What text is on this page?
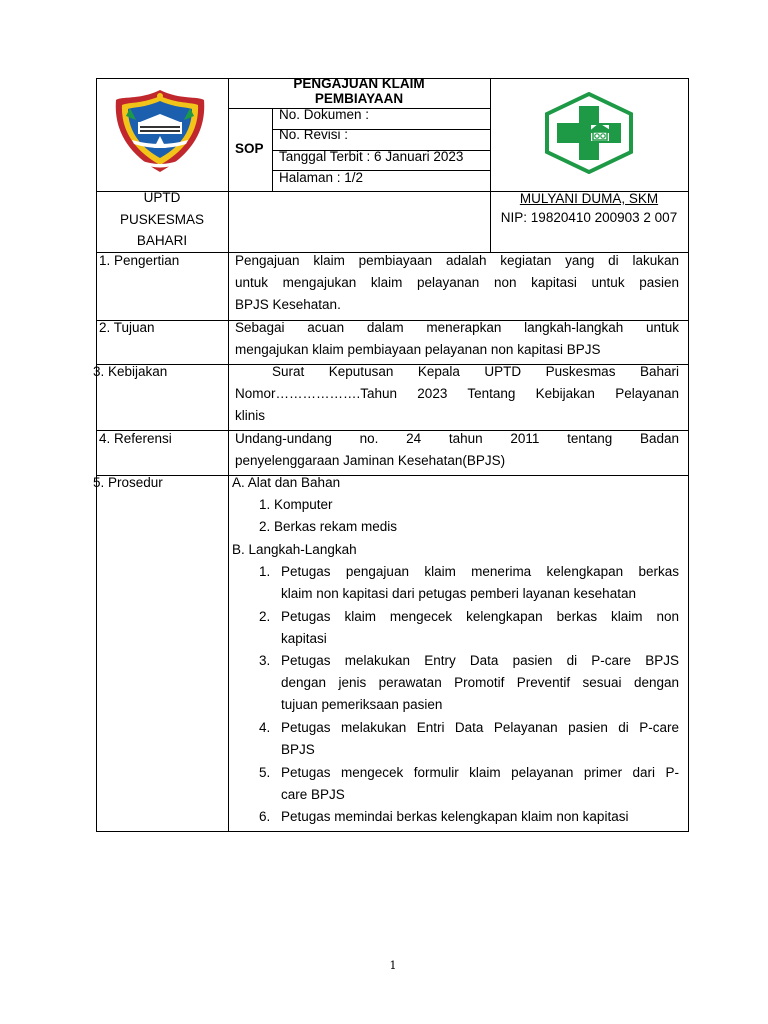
PENGAJUAN KLAIM
PEMBIAYAAN
SOP
No. Dokumen :
No. Revisi :
Tanggal Terbit : 6 Januari 2023
Halaman : 1/2
UPTD
PUSKESMAS
BAHARI
MULYANI DUMA, SKM
NIP: 19820410 200903 2 007
1. Pengertian	Pengajuan klaim pembiayaan adalah kegiatan yang di lakukan
untuk mengajukan klaim pelayanan non kapitasi untuk pasien
BPJS Kesehatan.
2. Tujuan	Sebagai acuan dalam menerapkan langkah-langkah untuk
mengajukan klaim pembiayaan pelayanan non kapitasi BPJS
3. Kebijakan	Surat Keputusan Kepala UPTD Puskesmas Bahari
Nomor……………….Tahun 2023 Tentang Kebijakan Pelayanan
klinis
4. Referensi	Undang-undang no. 24 tahun 2011 tentang Badan
penyelenggaraan Jaminan Kesehatan(BPJS)
5. Prosedur	A. Alat dan Bahan
1. Komputer
2. Berkas rekam medis
B. Langkah-Langkah
1. Petugas pengajuan klaim menerima kelengkapan berkas
klaim non kapitasi dari petugas pemberi layanan kesehatan
2. Petugas klaim mengecek kelengkapan berkas klaim non
kapitasi
3. Petugas melakukan Entry Data pasien di P-care BPJS
dengan jenis perawatan Promotif Preventif sesuai dengan
tujuan pemeriksaan pasien
4. Petugas melakukan Entri Data Pelayanan pasien di P-care
BPJS
5. Petugas mengecek formulir klaim pelayanan primer dari P-
care BPJS
6. Petugas memindai berkas kelengkapan klaim non kapitasi
1
